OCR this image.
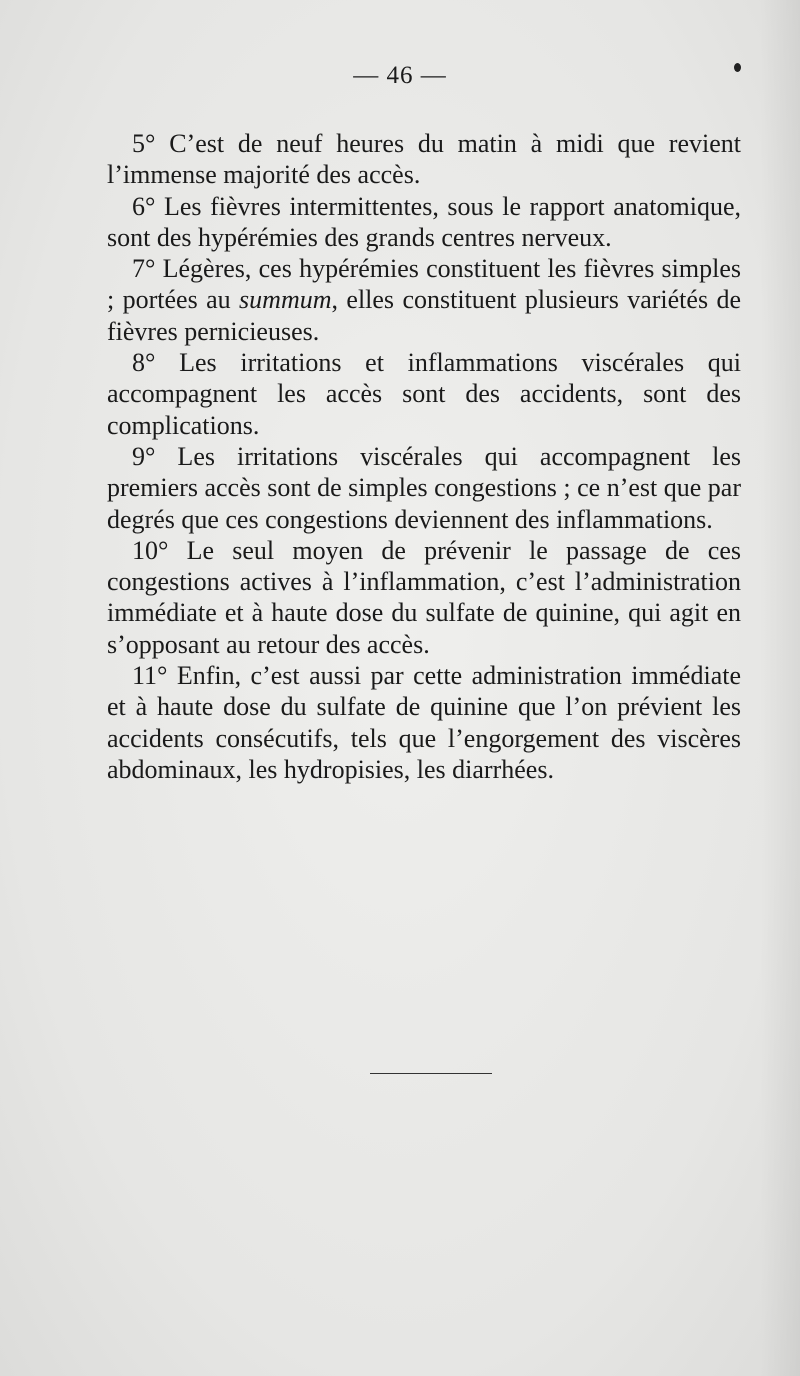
— 46 —

5° C’est de neuf heures du matin à midi que revient l’immense majorité des accès.

6° Les fièvres intermittentes, sous le rapport anatomique, sont des hypérémies des grands centres nerveux.

7° Légères, ces hypérémies constituent les fièvres simples ; portées au summum, elles constituent plusieurs variétés de fièvres pernicieuses.

8° Les irritations et inflammations viscérales qui accompagnent les accès sont des accidents, sont des complications.

9° Les irritations viscérales qui accompagnent les premiers accès sont de simples congestions ; ce n’est que par degrés que ces congestions deviennent des inflammations.

10° Le seul moyen de prévenir le passage de ces congestions actives à l’inflammation, c’est l’administration immédiate et à haute dose du sulfate de quinine, qui agit en s’opposant au retour des accès.

11° Enfin, c’est aussi par cette administration immédiate et à haute dose du sulfate de quinine que l’on prévient les accidents consécutifs, tels que l’engorgement des viscères abdominaux, les hydropisies, les diarrhées.
